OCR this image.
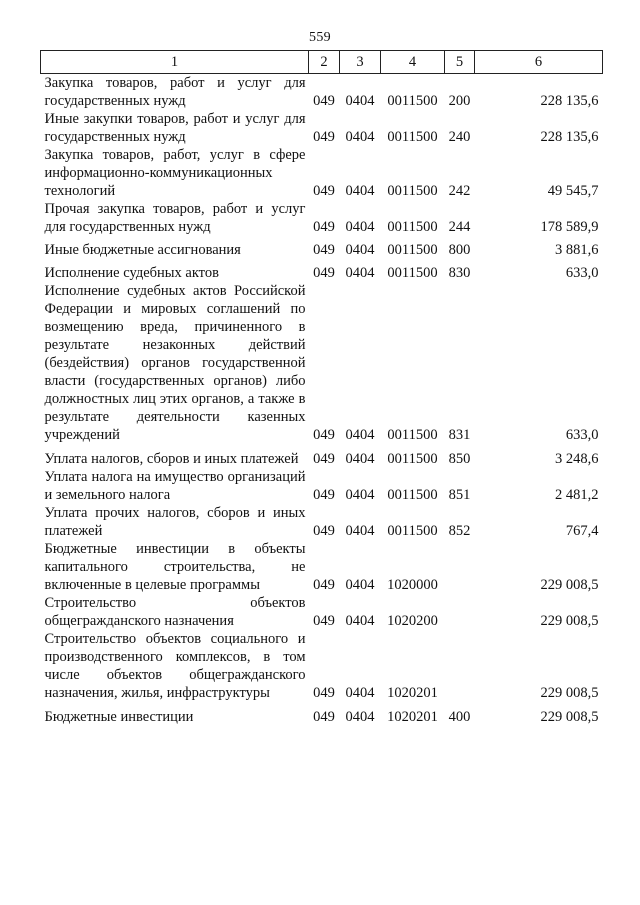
559
1	2	3	4	5	6
Закупка товаров, работ и услуг для государственных нужд	049	0404	0011500	200	228 135,6
Иные закупки товаров, работ и услуг для государственных нужд	049	0404	0011500	240	228 135,6
Закупка товаров, работ, услуг в сфере информационно-коммуникационных технологий	049	0404	0011500	242	49 545,7
Прочая закупка товаров, работ и услуг для государственных нужд	049	0404	0011500	244	178 589,9
Иные бюджетные ассигнования	049	0404	0011500	800	3 881,6
Исполнение судебных актов	049	0404	0011500	830	633,0
Исполнение судебных актов Российской Федерации и мировых соглашений по возмещению вреда, причиненного в результате незаконных действий (бездействия) органов государственной власти (государственных органов) либо должностных лиц этих органов, а также в результате деятельности казенных учреждений	049	0404	0011500	831	633,0
Уплата налогов, сборов и иных платежей	049	0404	0011500	850	3 248,6
Уплата налога на имущество организаций и земельного налога	049	0404	0011500	851	2 481,2
Уплата прочих налогов, сборов и иных платежей	049	0404	0011500	852	767,4
Бюджетные инвестиции в объекты капитального строительства, не включенные в целевые программы	049	0404	1020000		229 008,5
Строительство объектов общегражданского назначения	049	0404	1020200		229 008,5
Строительство объектов социального и производственного комплексов, в том числе объектов общегражданского назначения, жилья, инфраструктуры	049	0404	1020201		229 008,5
Бюджетные инвестиции	049	0404	1020201	400	229 008,5
